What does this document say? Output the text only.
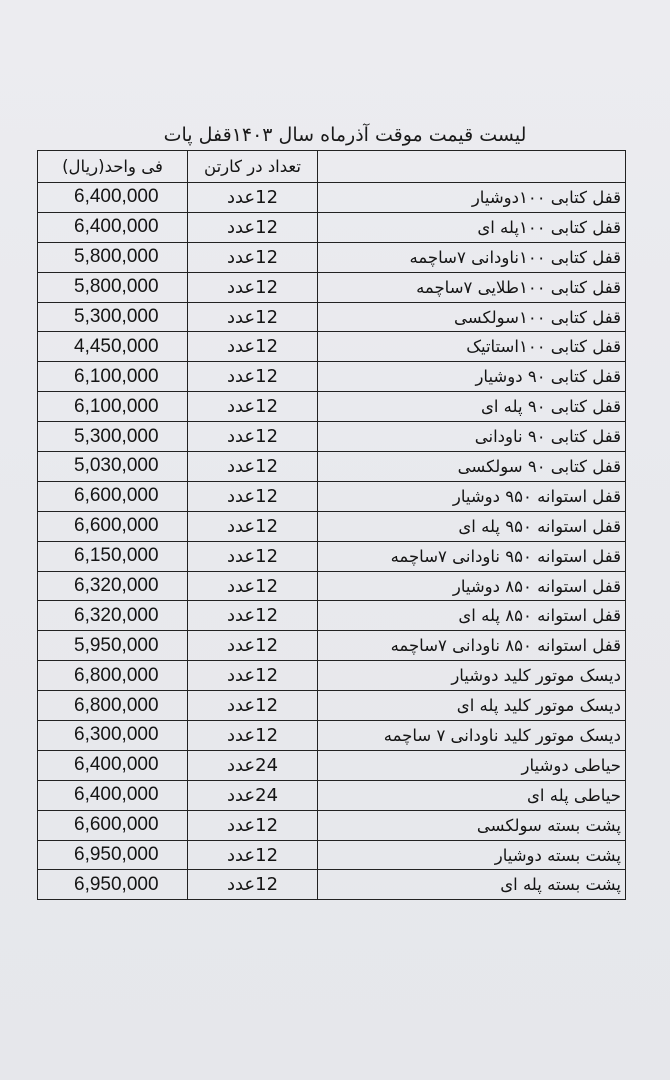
لیست قیمت موقت آذرماه سال ۱۴۰۳قفل پات
	تعداد در کارتن	فی واحد(ریال)
قفل کتابی ۱۰۰دوشیار	12عدد	6,400,000
قفل کتابی ۱۰۰پله ای	12عدد	6,400,000
قفل کتابی ۱۰۰ناودانی ۷ساچمه	12عدد	5,800,000
قفل کتابی ۱۰۰طلایی ۷ساچمه	12عدد	5,800,000
قفل کتابی ۱۰۰سولکسی	12عدد	5,300,000
قفل کتابی ۱۰۰استاتیک	12عدد	4,450,000
قفل کتابی ۹۰ دوشیار	12عدد	6,100,000
قفل کتابی ۹۰ پله ای	12عدد	6,100,000
قفل کتابی ۹۰ ناودانی	12عدد	5,300,000
قفل کتابی ۹۰ سولکسی	12عدد	5,030,000
قفل استوانه ۹۵۰ دوشیار	12عدد	6,600,000
قفل استوانه ۹۵۰ پله ای	12عدد	6,600,000
قفل استوانه ۹۵۰ ناودانی ۷ساچمه	12عدد	6,150,000
قفل استوانه ۸۵۰ دوشیار	12عدد	6,320,000
قفل استوانه ۸۵۰ پله ای	12عدد	6,320,000
قفل استوانه ۸۵۰ ناودانی ۷ساچمه	12عدد	5,950,000
دیسک موتور کلید دوشیار	12عدد	6,800,000
دیسک موتور کلید پله ای	12عدد	6,800,000
دیسک موتور کلید ناودانی ۷ ساچمه	12عدد	6,300,000
حیاطی دوشیار	24عدد	6,400,000
حیاطی پله ای	24عدد	6,400,000
پشت بسته سولکسی	12عدد	6,600,000
پشت بسته دوشیار	12عدد	6,950,000
پشت بسته پله ای	12عدد	6,950,000
